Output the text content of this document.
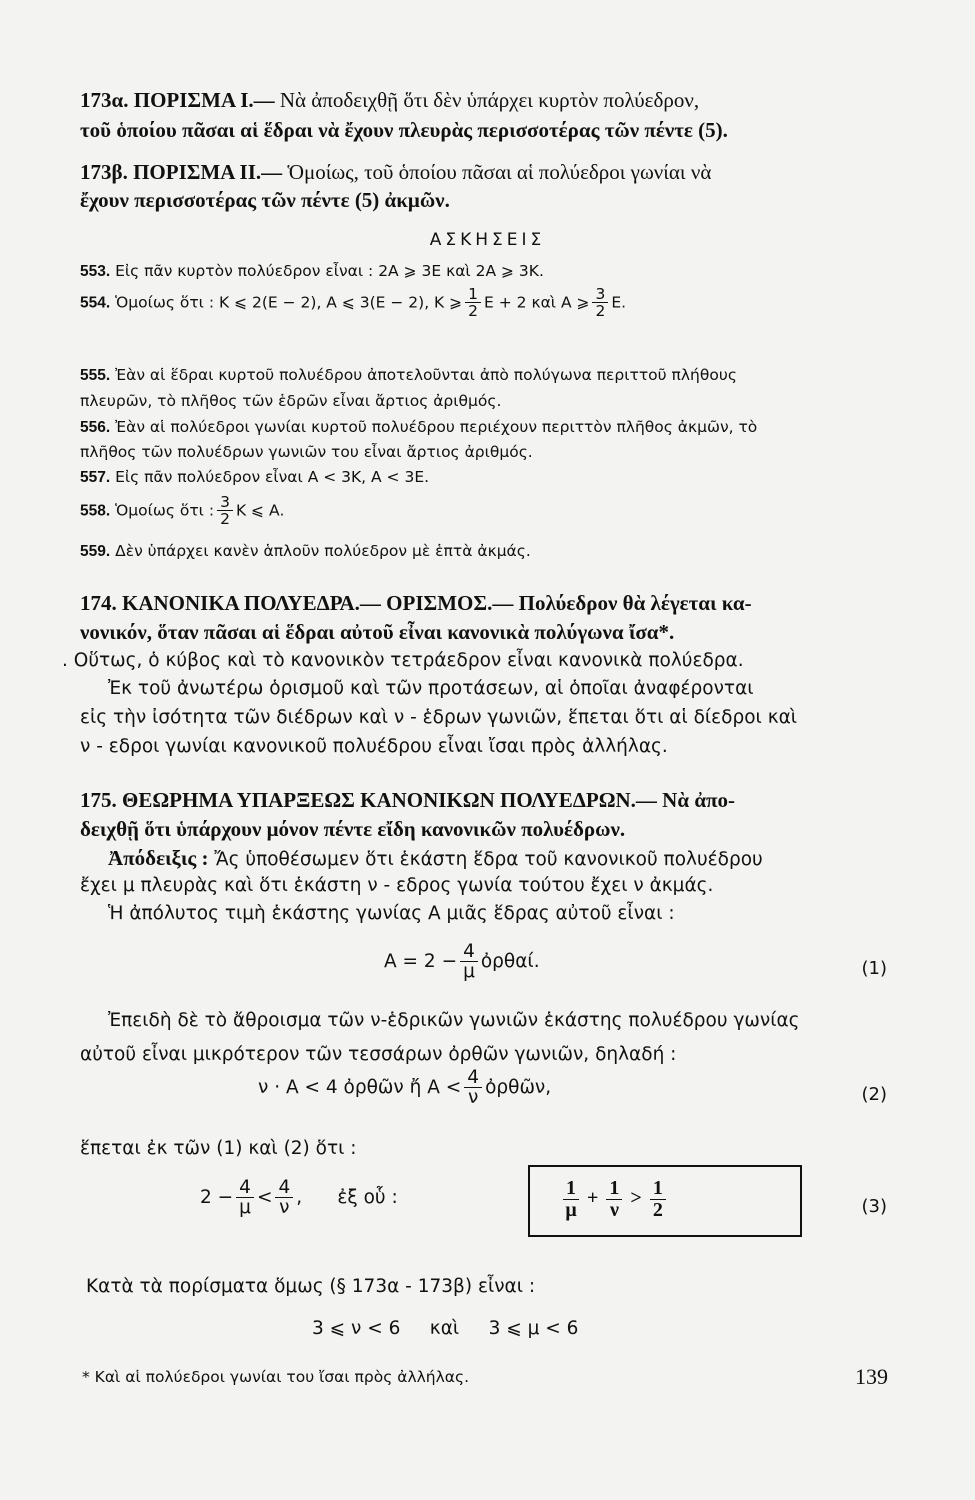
173α. ΠΟΡΙΣΜΑ Ι.— Νὰ ἀποδειχθῇ ὅτι δὲν ὑπάρχει κυρτὸν πολύεδρον,
τοῦ ὁποίου πᾶσαι αἱ ἕδραι νὰ ἔχουν πλευρὰς περισσοτέρας τῶν πέντε (5).
173β. ΠΟΡΙΣΜΑ ΙΙ.— Ὁμοίως, τοῦ ὁποίου πᾶσαι αἱ πολύεδροι γωνίαι νὰ
ἔχουν περισσοτέρας τῶν πέντε (5) ἀκμῶν.
ΑΣΚΗΣΕΙΣ
553. Εἰς πᾶν κυρτὸν πολύεδρον εἶναι : 2Α ⩾ 3Ε καὶ 2Α ⩾ 3Κ.
554. Ὁμοίως ὅτι : Κ ⩽ 2(Ε − 2), Α ⩽ 3(Ε − 2), Κ ⩾ $\frac{1}{2}$ Ε + 2 καὶ Α ⩾ $\frac{3}{2} E$.
555. Ἐὰν αἱ ἕδραι κυρτοῦ πολυέδρου ἀποτελοῦνται ἀπὸ πολύγωνα περιττοῦ πλήθους
πλευρῶν, τὸ πλῆθος τῶν ἑδρῶν εἶναι ἄρτιος ἀριθμός.
556. Ἐὰν αἱ πολύεδροι γωνίαι κυρτοῦ πολυέδρου περιέχουν περιττὸν πλῆθος ἀκμῶν, τὸ
πλῆθος τῶν πολυέδρων γωνιῶν του εἶναι ἄρτιος ἀριθμός.
557. Εἰς πᾶν πολύεδρον εἶναι Α < 3Κ, Α < 3Ε.
558. Ὁμοίως ὅτι : $\frac{3}{2}$ Κ ⩽ Α.
559. Δὲν ὑπάρχει κανὲν ἁπλοῦν πολύεδρον μὲ ἑπτὰ ἀκμάς.
174. ΚΑΝΟΝΙΚΑ ΠΟΛΥΕΔΡΑ.— ΟΡΙΣΜΟΣ.— Πολύεδρον θὰ λέγεται κα-
νονικόν, ὅταν πᾶσαι αἱ ἕδραι αὐτοῦ εἶναι κανονικὰ πολύγωνα ἴσα*.
. Οὕτως, ὁ κύβος καὶ τὸ κανονικὸν τετράεδρον εἶναι κανονικὰ πολύεδρα.
Ἐκ τοῦ ἀνωτέρω ὁρισμοῦ καὶ τῶν προτάσεων, αἱ ὁποῖαι ἀναφέρονται
εἰς τὴν ἰσότητα τῶν διέδρων καὶ ν - ἑδρων γωνιῶν, ἕπεται ὅτι αἱ δίεδροι καὶ
ν - εδροι γωνίαι κανονικοῦ πολυέδρου εἶναι ἴσαι πρὸς ἀλλήλας.
175. ΘΕΩΡΗΜΑ ΥΠΑΡΞΕΩΣ ΚΑΝΟΝΙΚΩΝ ΠΟΛΥΕΔΡΩΝ.— Νὰ ἀπο-
δειχθῇ ὅτι ὑπάρχουν μόνον πέντε εἴδη κανονικῶν πολυέδρων.
Ἀπόδειξις : Ἄς ὑποθέσωμεν ὅτι ἑκάστη ἕδρα τοῦ κανονικοῦ πολυέδρου
ἔχει μ πλευρὰς καὶ ὅτι ἑκάστη ν - εδρος γωνία τούτου ἔχει ν ἀκμάς.
Ἡ ἀπόλυτος τιμὴ ἑκάστης γωνίας Α μιᾶς ἕδρας αὐτοῦ εἶναι :
$A = 2 - \frac{4}{\mu}$ ὀρθαί.	(1)
Ἐπειδὴ δὲ τὸ ἄθροισμα τῶν ν-ἑδρικῶν γωνιῶν ἑκάστης πολυέδρου γωνίας
αὐτοῦ εἶναι μικρότερον τῶν τεσσάρων ὀρθῶν γωνιῶν, δηλαδή :
ν · Α < 4 ὀρθῶν ἤ $A < \frac{4}{\nu}$ ὀρθῶν,	(2)
ἕπεται ἐκ τῶν (1) καὶ (2) ὅτι :
$2 - \frac{4}{\mu} < \frac{4}{\nu}$ , ἐξ οὗ :	$\frac{1}{\mu} + \frac{1}{\nu} > \frac{1}{2}$	(3)
Κατὰ τὰ πορίσματα ὅμως (§ 173α - 173β) εἶναι :
3 ⩽ ν < 6     καὶ     3 ⩽ μ < 6
* Καὶ αἱ πολύεδροι γωνίαι του ἴσαι πρὸς ἀλλήλας.	139
